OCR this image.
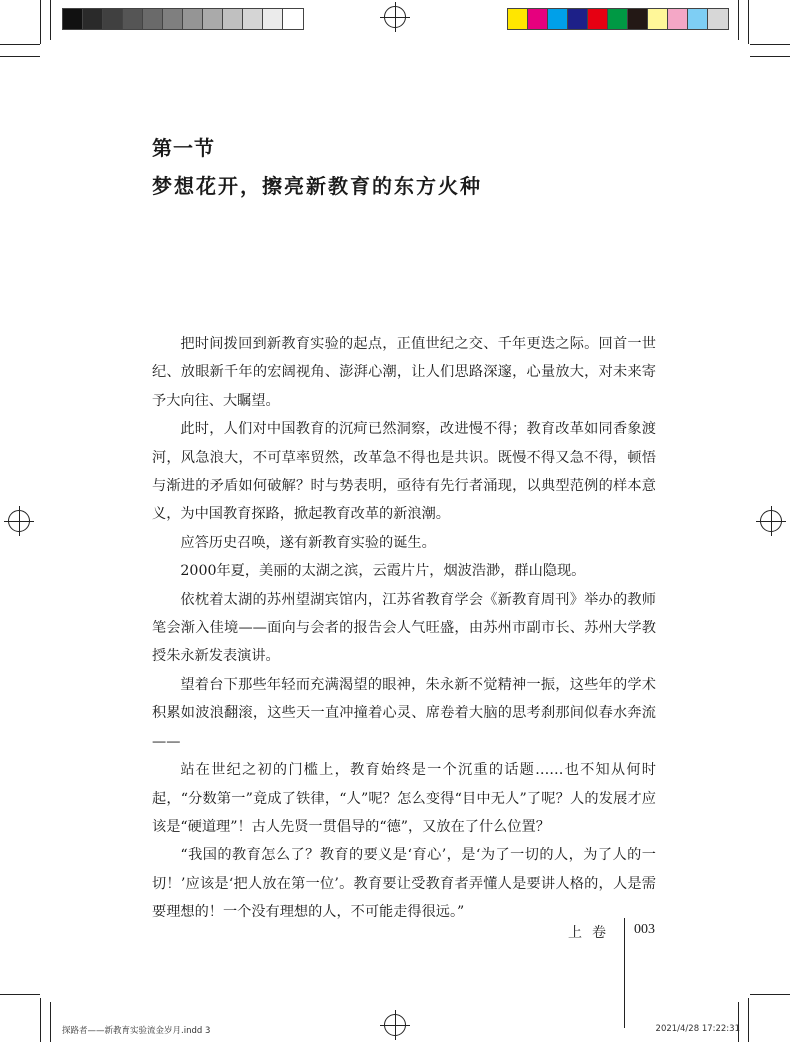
第一节
梦想花开，擦亮新教育的东方火种

把时间拨回到新教育实验的起点，正值世纪之交、千年更迭之际。回首一世纪、放眼新千年的宏阔视角、澎湃心潮，让人们思路深邃，心量放大，对未来寄予大向往、大瞩望。

此时，人们对中国教育的沉疴已然洞察，改进慢不得；教育改革如同香象渡河，风急浪大，不可草率贸然，改革急不得也是共识。既慢不得又急不得，顿悟与渐进的矛盾如何破解？时与势表明，亟待有先行者涌现，以典型范例的样本意义，为中国教育探路，掀起教育改革的新浪潮。

应答历史召唤，遂有新教育实验的诞生。

2000年夏，美丽的太湖之滨，云霞片片，烟波浩渺，群山隐现。

依枕着太湖的苏州望湖宾馆内，江苏省教育学会《新教育周刊》举办的教师笔会渐入佳境——面向与会者的报告会人气旺盛，由苏州市副市长、苏州大学教授朱永新发表演讲。

望着台下那些年轻而充满渴望的眼神，朱永新不觉精神一振，这些年的学术积累如波浪翻滚，这些天一直冲撞着心灵、席卷着大脑的思考刹那间似春水奔流——

站在世纪之初的门槛上，教育始终是一个沉重的话题……也不知从何时起，“分数第一”竟成了铁律，“人”呢？怎么变得“目中无人”了呢？人的发展才应该是“硬道理”！古人先贤一贯倡导的“德”，又放在了什么位置？

“我国的教育怎么了？教育的要义是‘育心’，是‘为了一切的人，为了人的一切！’应该是‘把人放在第一位’。教育要让受教育者弄懂人是要讲人格的，人是需要理想的！一个没有理想的人，不可能走得很远。”

上卷 003
探路者——新教育实验流金岁月.indd 3	2021/4/28 17:22:31
